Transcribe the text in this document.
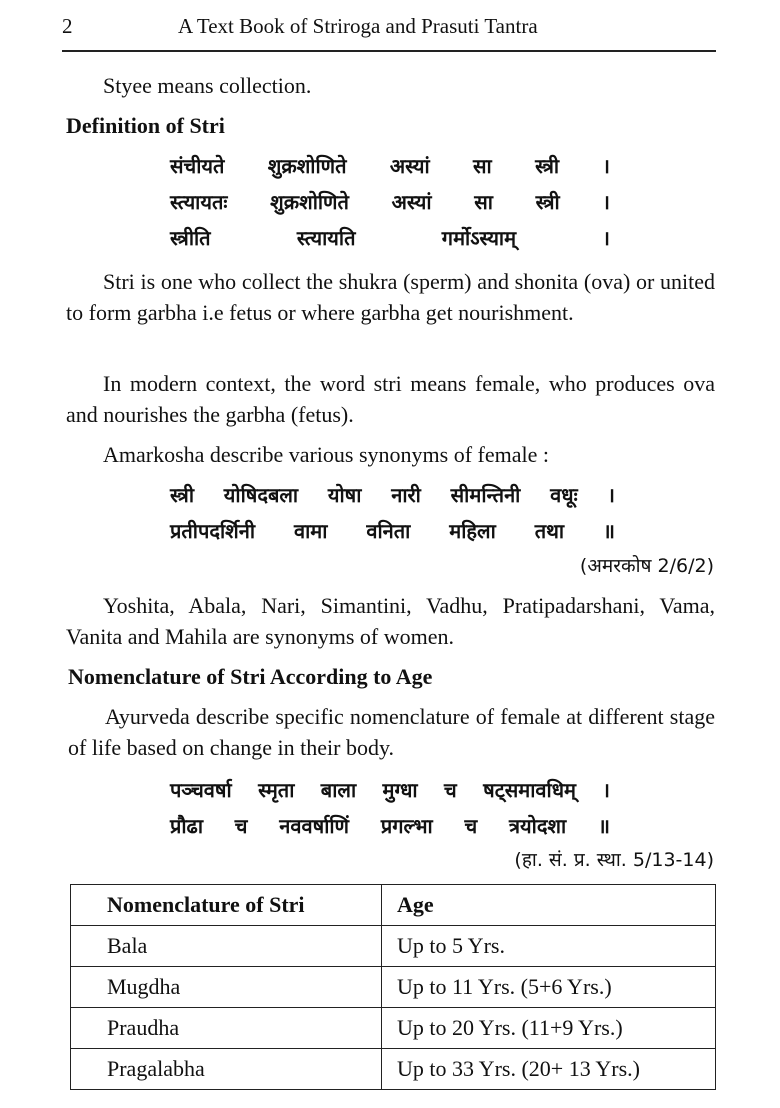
2	A Text Book of Striroga and Prasuti Tantra
Styee means collection.
Definition of Stri
संचीयते शुक्रशोणिते अस्यां सा स्त्री ।
स्त्यायतः शुक्रशोणिते अस्यां सा स्त्री ।
स्त्रीति स्त्यायति गर्मोऽस्याम् ।
Stri is one who collect the shukra (sperm) and shonita (ova) or united to form garbha i.e fetus or where garbha get nourishment.
In modern context, the word stri means female, who produces ova and nourishes the garbha (fetus).
Amarkosha describe various synonyms of female :
स्त्री योषिदबला योषा नारी सीमन्तिनी वधूः ।
प्रतीपदर्शिनी वामा वनिता महिला तथा ॥
(अमरकोष 2/6/2)
Yoshita, Abala, Nari, Simantini, Vadhu, Pratipadarshani, Vama, Vanita and Mahila are synonyms of women.
Nomenclature of Stri According to Age
Ayurveda describe specific nomenclature of female at different stage of life based on change in their body.
पञ्चवर्षा स्मृता बाला मुग्धा च षट्समावधिम् ।
प्रौढा च नववर्षाणिं प्रगल्भा च त्रयोदशा ॥
(हा. सं. प्र. स्था. 5/13-14)
Nomenclature of Stri	Age
Bala	Up to 5 Yrs.
Mugdha	Up to 11 Yrs. (5+6 Yrs.)
Praudha	Up to 20 Yrs. (11+9 Yrs.)
Pragalabha	Up to 33 Yrs. (20+ 13 Yrs.)
